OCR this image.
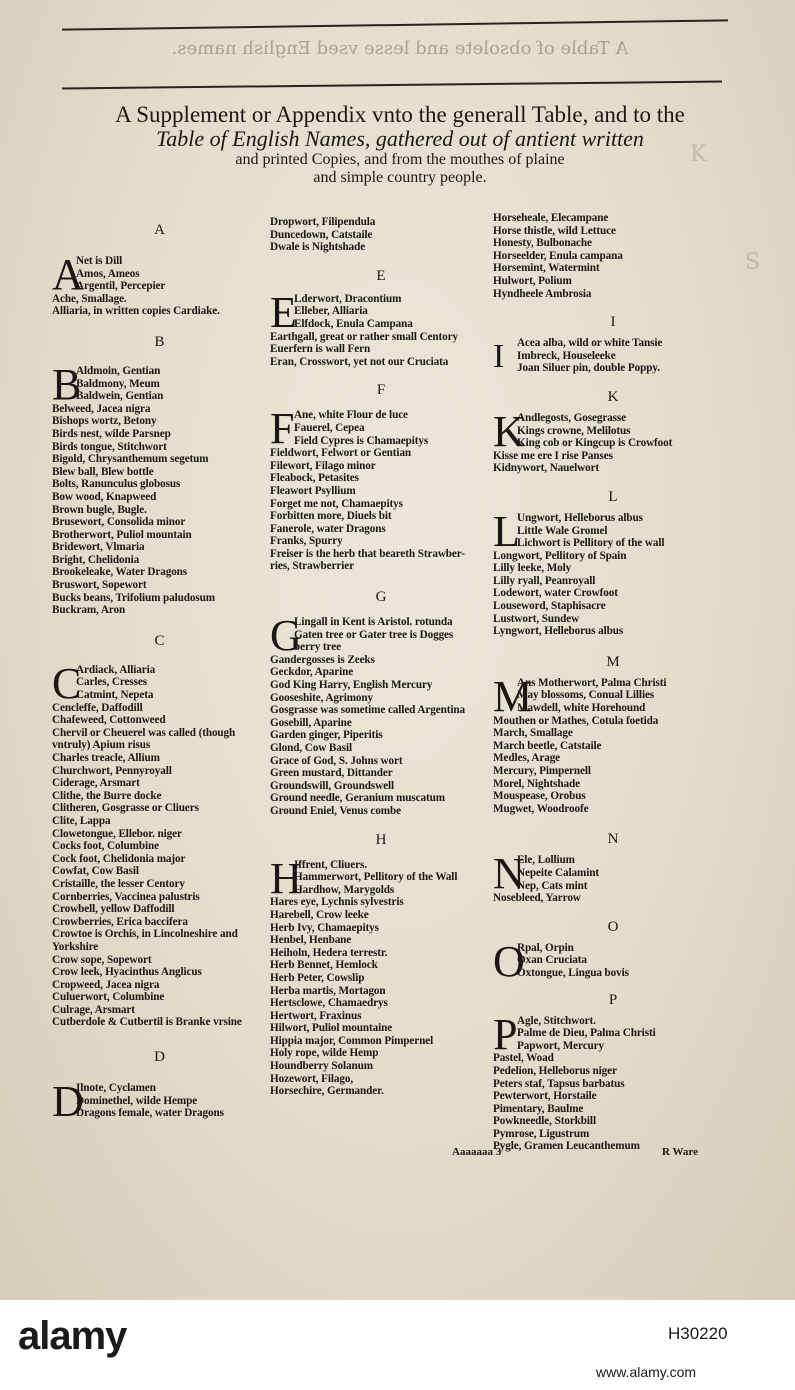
A Table of obsolete and lesse vsed English names.
K
S
A Supplement or Appendix vnto the generall Table, and to the
Table of English Names, gathered out of antient written
and printed Copies, and from the mouthes of plaine
and simple country people.
A
A
Net is Dill
Amos, Ameos
Argentil, Percepier
Ache, Smallage.
Alliaria, in written copies Cardiake.
B
B
Aldmoin, Gentian
Baldmony, Meum
Baldwein, Gentian
Belweed, Jacea nigra
Bishops wortz, Betony
Birds nest, wilde Parsnep
Birds tongue, Stitchwort
Bigold, Chrysanthemum segetum
Blew ball, Blew bottle
Bolts, Ranunculus globosus
Bow wood, Knapweed
Brown bugle, Bugle.
Brusewort, Consolida minor
Brotherwort, Puliol mountain
Bridewort, Vlmaria
Bright, Chelidonia
Brookeleake, Water Dragons
Bruswort, Sopewort
Bucks beans, Trifolium paludosum
Buckram, Aron
C
C
Ardiack, Alliaria
Carles, Cresses
Catmint, Nepeta
Cencleffe, Daffodill
Chafeweed, Cottonweed
Chervil or Cheuerel was called (though
vntruly) Apium risus
Charles treacle, Allium
Churchwort, Pennyroyall
Ciderage, Arsmart
Clithe, the Burre docke
Clitheren, Gosgrasse or Cliuers
Clite, Lappa
Clowetongue, Ellebor. niger
Cocks foot, Columbine
Cock foot, Chelidonia major
Cowfat, Cow Basil
Cristaille, the lesser Centory
Cornberries, Vaccinea palustris
Crowbell, yellow Daffodill
Crowberries, Erica baccifera
Crowtoe is Orchis, in Lincolneshire and
Yorkshire
Crow sope, Sopewort
Crow leek, Hyacinthus Anglicus
Cropweed, Jacea nigra
Culuerwort, Columbine
Culrage, Arsmart
Cutberdole & Cutbertil is Branke vrsine
D
D
Ilnote, Cyclamen
Dominethel, wilde Hempe
Dragons female, water Dragons
Dropwort, Filipendula
Duncedown, Catstaile
Dwale is Nightshade
E
E
Lderwort, Dracontium
Elleber, Alliaria
Elfdock, Enula Campana
Earthgall, great or rather small Centory
Euerfern is wall Fern
Eran, Crosswort, yet not our Cruciata
F
F Ane, white Flour de luce
Fauerel, Cepea
Field Cypres is Chamaepitys
Fieldwort, Felwort or Gentian
Filewort, Filago minor
Fleabock, Petasites
Fleawort Psyllium
Forget me not, Chamaepitys
Forbitten more, Diuels bit
Fanerole, water Dragons
Franks, Spurry
Freiser is the herb that beareth Strawber-
ries, Strawberrier
G
G
Lingall in Kent is Aristol. rotunda
Gaten tree or Gater tree is Dogges
berry tree
Gandergosses is Zeeks
Geckdor, Aparine
God King Harry, English Mercury
Gooseshite, Agrimony
Gosgrasse was sometime called Argentina
Gosebill, Aparine
Garden ginger, Piperitis
Glond, Cow Basil
Grace of God, S. Johns wort
Green mustard, Dittander
Groundswill, Groundswell
Ground needle, Geranium muscatum
Ground Eniel, Venus combe
H
H
Iffrent, Cliuers.
Hammerwort, Pellitory of the Wall
Hardhow, Marygolds
Hares eye, Lychnis sylvestris
Harebell, Crow leeke
Herb Ivy, Chamaepitys
Henbel, Henbane
Heiholn, Hedera terrestr.
Herb Bennet, Hemlock
Herb Peter, Cowslip
Herba martis, Mortagon
Hertsclowe, Chamaedrys
Hertwort, Fraxinus
Hilwort, Puliol mountaine
Hippia major, Common Pimpernel
Holy rope, wilde Hemp
Houndberry Solanum
Hozewort, Filago,
Horsechire, Germander.
Horseheale, Elecampane
Horse thistle, wild Lettuce
Honesty, Bulbonache
Horseelder, Enula campana
Horsemint, Watermint
Hulwort, Polium
Hyndheele Ambrosia
I
I	Acea alba, wild or white Tansie
Imbreck, Houseleeke
Joan Siluer pin, double Poppy.
K
K
Andlegosts, Gosegrasse
Kings crowne, Melilotus
King cob or Kingcup is Crowfoot
Kisse me ere I rise Panses
Kidnywort, Nauelwort
L
L
Ungwort, Helleborus albus
Little Wale Gromel
Lichwort is Pellitory of the wall
Longwort, Pellitory of Spain
Lilly leeke, Moly
Lilly ryall, Peanroyall
Lodewort, water Crowfoot
Louseword, Staphisacre
Lustwort, Sundew
Lyngwort, Helleborus albus
M
M
Ans Motherwort, Palma Christi
May blossoms, Conual Lillies
Mawdell, white Horehound
Mouthen or Mathes, Cotula foetida
March, Smallage
March beetle, Catstaile
Medles, Arage
Mercury, Pimpernell
Morel, Nightshade
Mouspease, Orobus
Mugwet, Woodroofe
N
N
Ele, Lollium
Nepeite Calamint
Nep, Cats mint
Nosebleed, Yarrow
O
O
Rpal, Orpin
Oxan Cruciata
Oxtongue, Lingua bovis
P
P Agle, Stitchwort.
Palme de Dieu, Palma Christi
Papwort, Mercury
Pastel, Woad
Pedelion, Helleborus niger
Peters staf, Tapsus barbatus
Pewterwort, Horstaile
Pimentary, Baulme
Powkneedle, Storkbill
Pymrose, Ligustrum
Pygle, Gramen Leucanthemum
Aaaaaaa 3	R Ware
alamy	H30220
www.alamy.com
